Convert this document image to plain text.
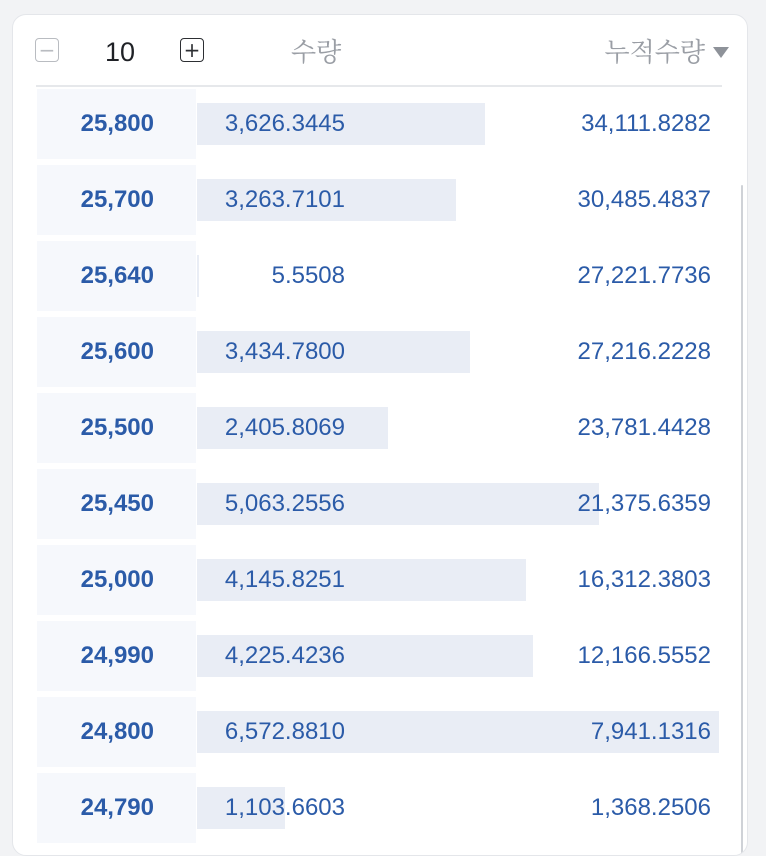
−	10	+	수량	누적수량
25,800	3,626.3445	34,111.8282
25,700	3,263.7101	30,485.4837
25,640	5.5508	27,221.7736
25,600	3,434.7800	27,216.2228
25,500	2,405.8069	23,781.4428
25,450	5,063.2556	21,375.6359
25,000	4,145.8251	16,312.3803
24,990	4,225.4236	12,166.5552
24,800	6,572.8810	7,941.1316
24,790	1,103.6603	1,368.2506
